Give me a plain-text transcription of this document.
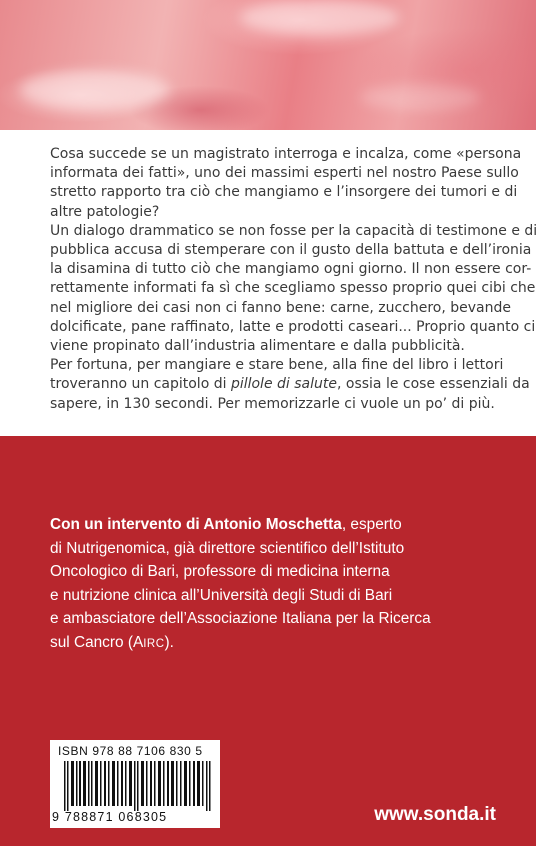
Cosa succede se un magistrato interroga e incalza, come «persona
informata dei fatti», uno dei massimi esperti nel nostro Paese sullo
stretto rapporto tra ciò che mangiamo e l’insorgere dei tumori e di
altre patologie?
Un dialogo drammatico se non fosse per la capacità di testimone e di
pubblica accusa di stemperare con il gusto della battuta e dell’ironia
la disamina di tutto ciò che mangiamo ogni giorno. Il non essere cor-
rettamente informati fa sì che scegliamo spesso proprio quei cibi che
nel migliore dei casi non ci fanno bene: carne, zucchero, bevande
dolcificate, pane raffinato, latte e prodotti caseari... Proprio quanto ci
viene propinato dall’industria alimentare e dalla pubblicità.
Per fortuna, per mangiare e stare bene, alla fine del libro i lettori
troveranno un capitolo di pillole di salute, ossia le cose essenziali da
sapere, in 130 secondi. Per memorizzarle ci vuole un po’ di più.
Con un intervento di Antonio Moschetta, esperto
di Nutrigenomica, già direttore scientifico dell’Istituto
Oncologico di Bari, professore di medicina interna
e nutrizione clinica all’Università degli Studi di Bari
e ambasciatore dell’Associazione Italiana per la Ricerca
sul Cancro (AIRC).
ISBN 978 88 7106 830 5
9 788871 068305	www.sonda.it
